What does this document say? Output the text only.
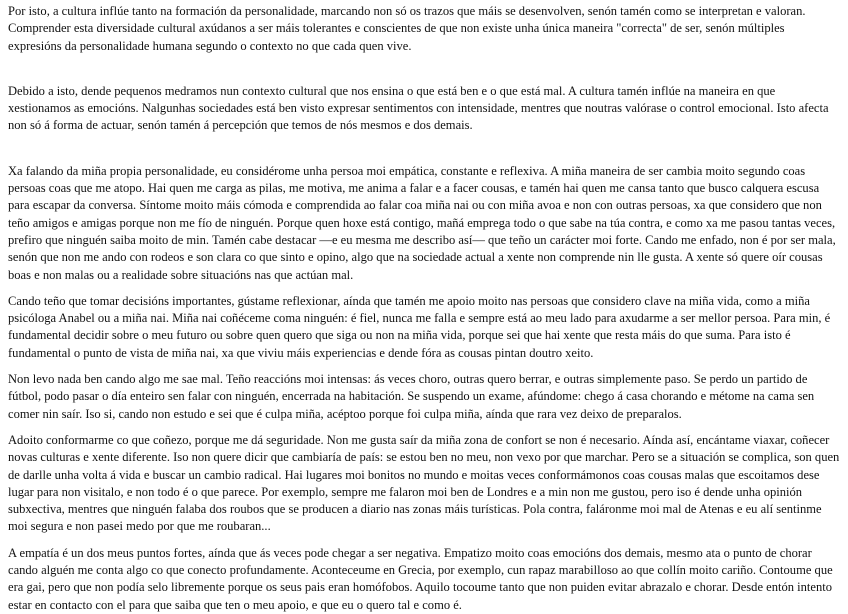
Por isto, a cultura inflúe tanto na formación da personalidade, marcando non só os trazos que máis se desenvolven, senón tamén como se interpretan e valoran. Comprender esta diversidade cultural axúdanos a ser máis tolerantes e conscientes de que non existe unha única maneira "correcta" de ser, senón múltiples expresións da personalidade humana segundo o contexto no que cada quen vive.

Debido a isto, dende pequenos medramos nun contexto cultural que nos ensina o que está ben e o que está mal. A cultura tamén inflúe na maneira en que xestionamos as emocións. Nalgunhas sociedades está ben visto expresar sentimentos con intensidade, mentres que noutras valórase o control emocional. Isto afecta non só á forma de actuar, senón tamén á percepción que temos de nós mesmos e dos demais.

Xa falando da miña propia personalidade, eu considérome unha persoa moi empática, constante e reflexiva. A miña maneira de ser cambia moito segundo coas persoas coas que me atopo. Hai quen me carga as pilas, me motiva, me anima a falar e a facer cousas, e tamén hai quen me cansa tanto que busco calquera escusa para escapar da conversa. Síntome moito máis cómoda e comprendida ao falar coa miña nai ou con miña avoa e non con outras persoas, xa que considero que non teño amigos e amigas porque non me fío de ninguén. Porque quen hoxe está contigo, mañá emprega todo o que sabe na túa contra, e como xa me pasou tantas veces, prefiro que ninguén saiba moito de min. Tamén cabe destacar —e eu mesma me describo así— que teño un carácter moi forte. Cando me enfado, non é por ser mala, senón que non me ando con rodeos e son clara co que sinto e opino, algo que na sociedade actual a xente non comprende nin lle gusta. A xente só quere oír cousas boas e non malas ou a realidade sobre situacións nas que actúan mal.

Cando teño que tomar decisións importantes, gústame reflexionar, aínda que tamén me apoio moito nas persoas que considero clave na miña vida, como a miña psicóloga Anabel ou a miña nai. Miña nai coñéceme coma ninguén: é fiel, nunca me falla e sempre está ao meu lado para axudarme a ser mellor persoa. Para min, é fundamental decidir sobre o meu futuro ou sobre quen quero que siga ou non na miña vida, porque sei que hai xente que resta máis do que suma. Para isto é fundamental o punto de vista de miña nai, xa que viviu máis experiencias e dende fóra as cousas pintan doutro xeito.

Non levo nada ben cando algo me sae mal. Teño reaccións moi intensas: ás veces choro, outras quero berrar, e outras simplemente paso. Se perdo un partido de fútbol, podo pasar o día enteiro sen falar con ninguén, encerrada na habitación. Se suspendo un exame, afúndome: chego á casa chorando e métome na cama sen comer nin saír. Iso si, cando non estudo e sei que é culpa miña, acéptoo porque foi culpa miña, aínda que rara vez deixo de preparalos.

Adoito conformarme co que coñezo, porque me dá seguridade. Non me gusta saír da miña zona de confort se non é necesario. Aínda así, encántame viaxar, coñecer novas culturas e xente diferente. Iso non quere dicir que cambiaría de país: se estou ben no meu, non vexo por que marchar. Pero se a situación se complica, son quen de darlle unha volta á vida e buscar un cambio radical. Hai lugares moi bonitos no mundo e moitas veces conformámonos coas cousas malas que escoitamos dese lugar para non visitalo, e non todo é o que parece. Por exemplo, sempre me falaron moi ben de Londres e a min non me gustou, pero iso é dende unha opinión subxectiva, mentres que ninguén falaba dos roubos que se producen a diario nas zonas máis turísticas. Pola contra, faláronme moi mal de Atenas e eu alí sentinme moi segura e non pasei medo por que me roubaran...

A empatía é un dos meus puntos fortes, aínda que ás veces pode chegar a ser negativa. Empatizo moito coas emocións dos demais, mesmo ata o punto de chorar cando alguén me conta algo co que conecto profundamente. Aconteceume en Grecia, por exemplo, cun rapaz marabilloso ao que collín moito cariño. Contoume que era gai, pero que non podía selo libremente porque os seus pais eran homófobos. Aquilo tocoume tanto que non puiden evitar abrazalo e chorar. Desde entón intento estar en contacto con el para que saiba que ten o meu apoio, e que eu o quero tal e como é.
